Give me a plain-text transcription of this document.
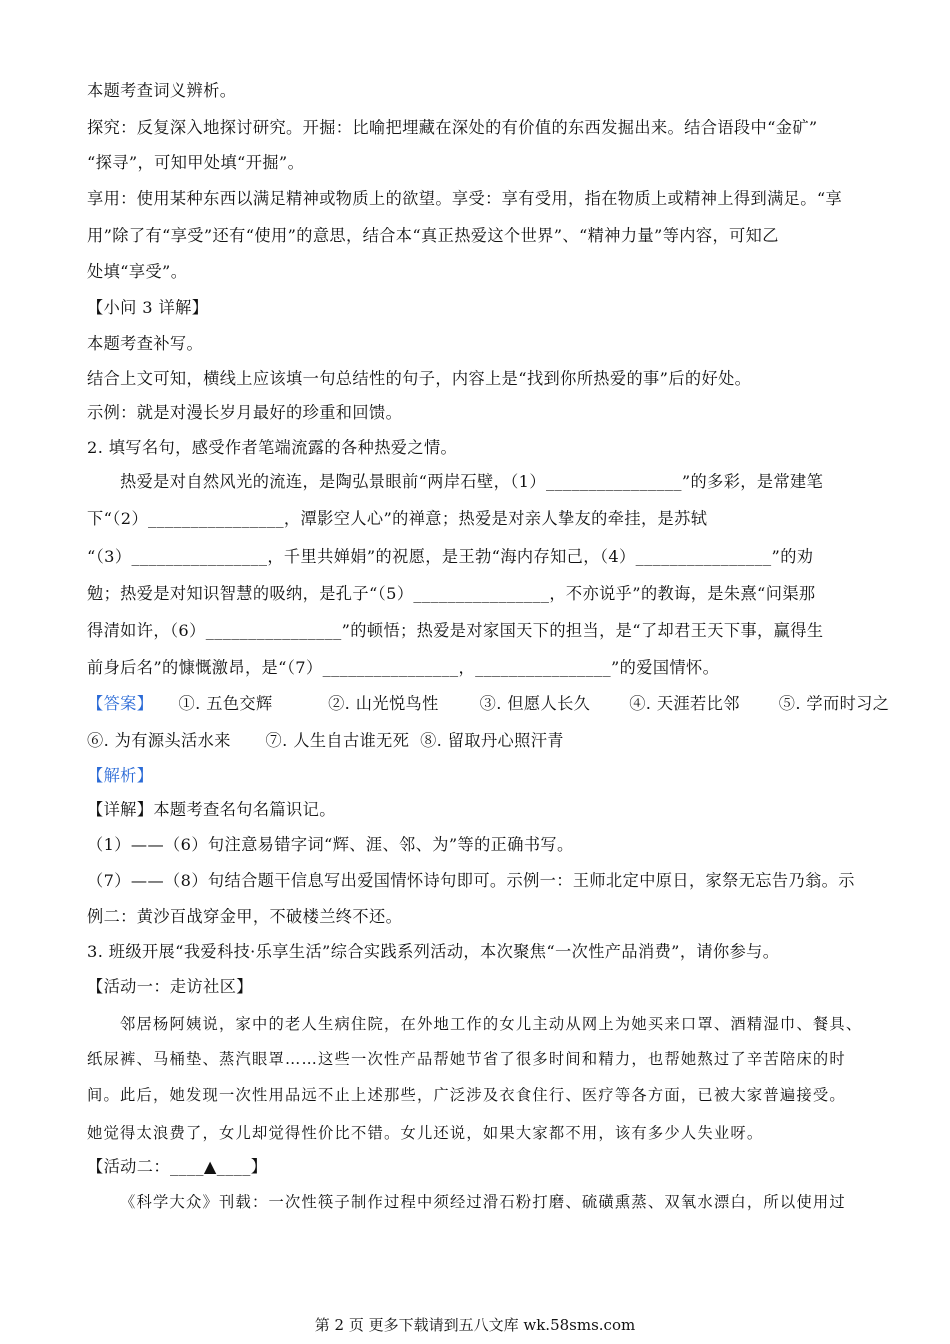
本题考查词义辨析。
探究：反复深入地探讨研究。开掘：比喻把埋藏在深处的有价值的东西发掘出来。结合语段中“金矿”
“探寻”，可知甲处填“开掘”。
享用：使用某种东西以满足精神或物质上的欲望。享受：享有受用，指在物质上或精神上得到满足。“享
用”除了有“享受”还有“使用”的意思，结合本“真正热爱这个世界”、“精神力量”等内容，可知乙
处填“享受”。
【小问 3 详解】
本题考查补写。
结合上文可知，横线上应该填一句总结性的句子，内容上是“找到你所热爱的事”后的好处。
示例：就是对漫长岁月最好的珍重和回馈。
2. 填写名句，感受作者笔端流露的各种热爱之情。
热爱是对自然风光的流连，是陶弘景眼前“两岸石壁，（1）________________”的多彩，是常建笔
下“（2）________________，潭影空人心”的禅意；热爱是对亲人挚友的牵挂，是苏轼
“（3）________________，千里共婵娟”的祝愿，是王勃“海内存知己，（4）________________”的劝
勉；热爱是对知识智慧的吸纳，是孔子“（5）________________，不亦说乎”的教诲，是朱熹“问渠那
得清如许，（6）________________”的顿悟；热爱是对家国天下的担当，是“了却君王天下事，赢得生
前身后名”的慷慨激昂，是“（7）________________，________________”的爱国情怀。
【答案】 ①. 五色交辉	②. 山光悦鸟性	③. 但愿人长久 ④. 天涯若比邻 ⑤. 学而时习之
⑥. 为有源头活水来 ⑦. 人生自古谁无死 ⑧. 留取丹心照汗青
【解析】
【详解】本题考查名句名篇识记。
（1）——（6）句注意易错字词“辉、涯、邻、为”等的正确书写。
（7）——（8）句结合题干信息写出爱国情怀诗句即可。示例一：王师北定中原日，家祭无忘告乃翁。示
例二：黄沙百战穿金甲，不破楼兰终不还。
3. 班级开展“我爱科技·乐享生活”综合实践系列活动，本次聚焦“一次性产品消费”，请你参与。
【活动一：走访社区】
邻居杨阿姨说，家中的老人生病住院，在外地工作的女儿主动从网上为她买来口罩、酒精湿巾、餐具、
纸尿裤、马桶垫、蒸汽眼罩……这些一次性产品帮她节省了很多时间和精力，也帮她熬过了辛苦陪床的时
间。此后，她发现一次性用品远不止上述那些，广泛涉及衣食住行、医疗等各方面，已被大家普遍接受。
她觉得太浪费了，女儿却觉得性价比不错。女儿还说，如果大家都不用，该有多少人失业呀。
【活动二：____▲____】
《科学大众》刊载：一次性筷子制作过程中须经过滑石粉打磨、硫磺熏蒸、双氧水漂白，所以使用过
第 2 页 更多下载请到五八文库 wk.58sms.com
